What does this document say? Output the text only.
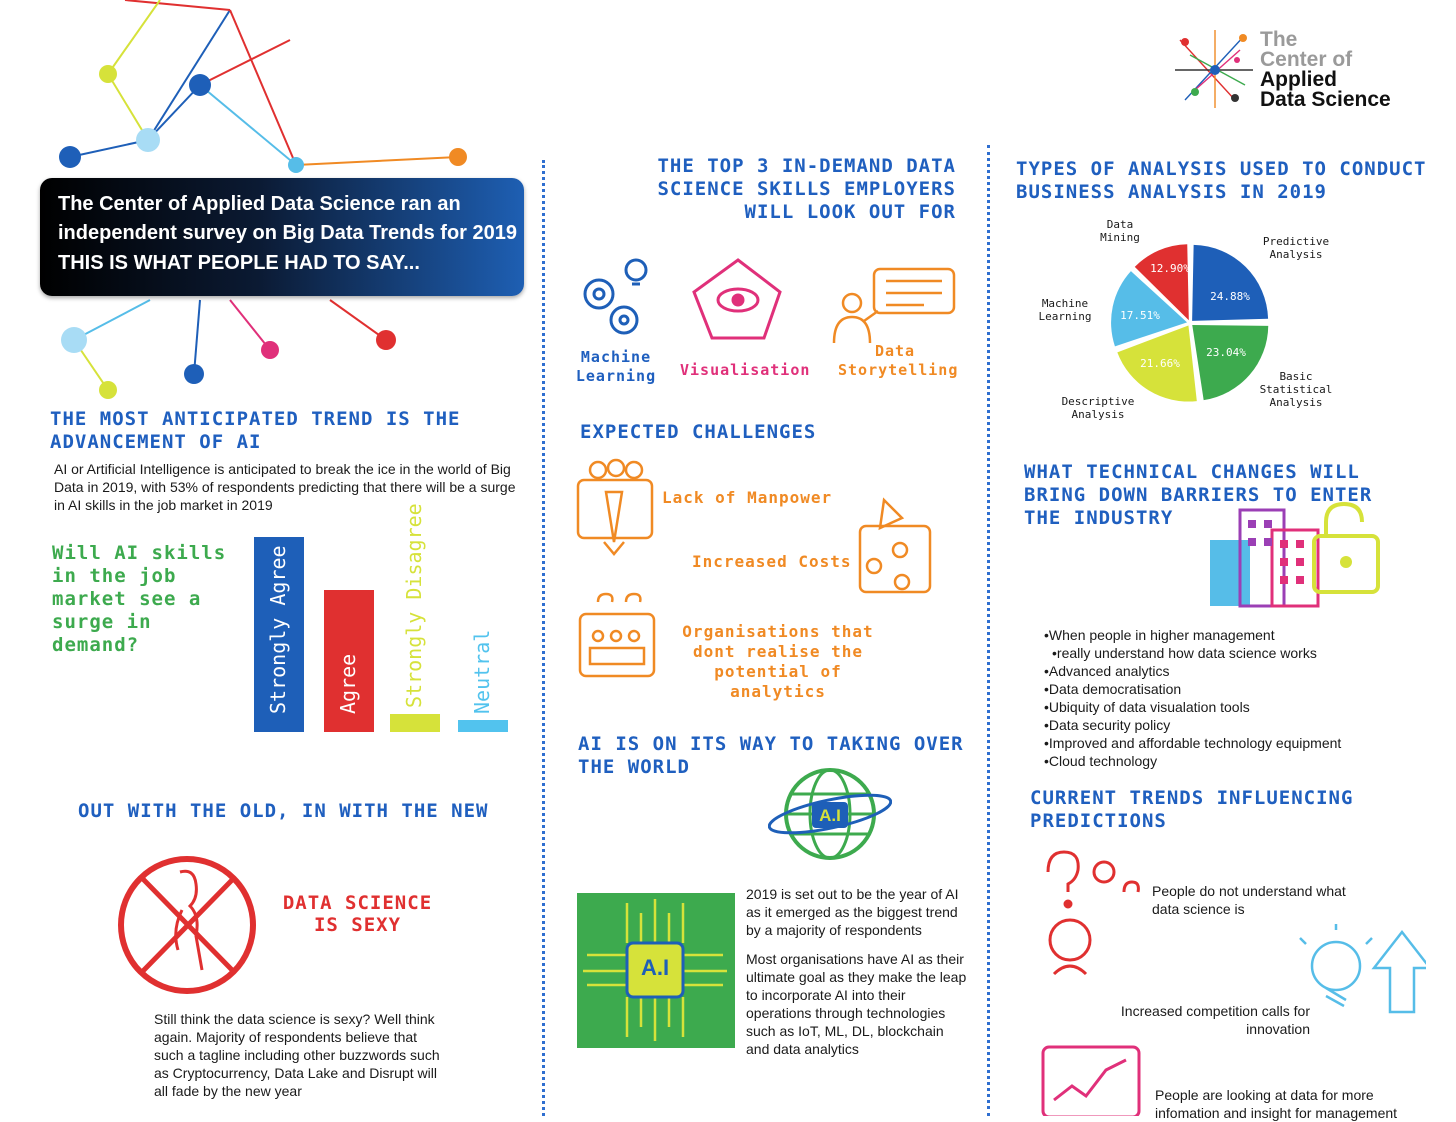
The Center of Applied Data Science ran an
independent survey on Big Data Trends for 2019
THIS IS WHAT PEOPLE HAD TO SAY...
The
Center of
Applied
Data Science
THE MOST ANTICIPATED TREND IS THE
ADVANCEMENT OF AI
AI or Artificial Intelligence is anticipated to break the ice in the world of Big Data in 2019, with 53% of respondents predicting that there will be a surge in AI skills in the job market in 2019
Will AI skills in the job market see a surge in demand?	Strongly Agree Agree Strongly Disagree Neutral
OUT WITH THE OLD, IN WITH THE NEW
DATA SCIENCE
IS SEXY
Still think the data science is sexy? Well think again. Majority of respondents believe that such a tagline including other buzzwords such as Cryptocurrency, Data Lake and Disrupt will all fade by the new year
THE TOP 3 IN-DEMAND DATA
SCIENCE SKILLS EMPLOYERS
WILL LOOK OUT FOR
Machine
Learning	Visualisation
Data
Storytelling
EXPECTED CHALLENGES
Lack of Manpower
Increased Costs
Organisations that
dont realise the
potential of analytics
AI IS ON ITS WAY TO TAKING OVER
THE WORLD
A.I
A.I
2019 is set out to be the year of AI as it emerged as the biggest trend by a majority of respondents
Most organisations have AI as their ultimate goal as they make the leap to incorporate AI into their operations through technologies such as IoT, ML, DL, blockchain and data analytics
TYPES OF ANALYSIS USED TO CONDUCT
BUSINESS ANALYSIS IN 2019
Predictive
Analysis
Basic
Statistical
Analysis
Descriptive
Analysis
Machine
Learning
Data
Mining
24.88%
23.04%
21.66%
17.51%
12.90%
WHAT TECHNICAL CHANGES WILL
BRING DOWN BARRIERS TO ENTER
THE INDUSTRY
• When people in higher management
• really understand how data science works
• Advanced analytics
• Data democratisation
• Ubiquity of data visualation tools
• Data security policy
• Improved and affordable technology equipment
• Cloud technology
CURRENT TRENDS INFLUENCING
PREDICTIONS
People do not understand what
data science is
Increased competition calls for
innovation
People are looking at data for more
infomation and insight for management
